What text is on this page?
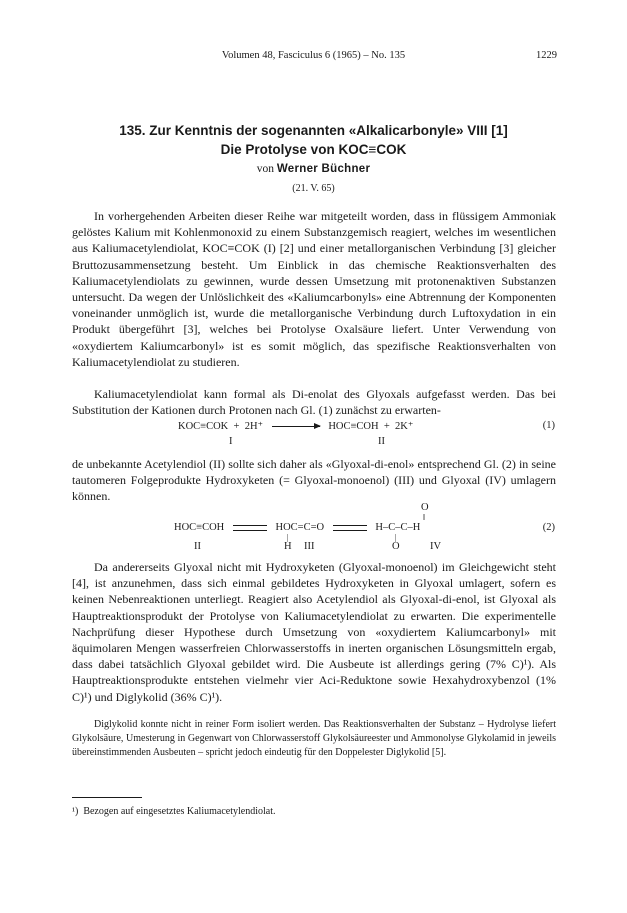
Volumen 48, Fasciculus 6 (1965) – No. 135	1229
135. Zur Kenntnis der sogenannten «Alkalicarbonyle» VIII [1]
Die Protolyse von KOC≡COK
von Werner Büchner
(21. V. 65)

In vorhergehenden Arbeiten dieser Reihe war mitgeteilt worden, dass in flüssigem Ammoniak gelöstes Kalium mit Kohlenmonoxid zu einem Substanzgemisch reagiert, welches im wesentlichen aus Kaliumacetylendiolat, KOC≡COK (I) [2] und einer metallorganischen Verbindung [3] gleicher Bruttozusammensetzung besteht. Um Einblick in das chemische Reaktionsverhalten des Kaliumacetylendiolats zu gewinnen, wurde dessen Umsetzung mit protonenaktiven Substanzen untersucht. Da wegen der Unlöslichkeit des «Kaliumcarbonyls» eine Abtrennung der Komponenten voneinander unmöglich ist, wurde die metallorganische Verbindung durch Luftoxydation in ein Produkt übergeführt [3], welches bei Protolyse Oxalsäure liefert. Unter Verwendung von «oxydiertem Kaliumcarbonyl» ist es somit möglich, das spezifische Reaktionsverhalten von Kaliumacetylendiolat zu studieren.

Kaliumacetylendiolat kann formal als Di-enolat des Glyoxals aufgefasst werden. Das bei Substitution der Kationen durch Protonen nach Gl. (1) zunächst zu erwarten-

KOC≡COK + 2H⁺	HOC≡COH + 2K⁺
I	II
(1)

de unbekannte Acetylendiol (II) sollte sich daher als «Glyoxal-di-enol» entsprechend Gl. (2) in seine tautomeren Folgeprodukte Hydroxyketen (= Glyoxal-monoenol) (III) und Glyoxal (IV) umlagern können.

O
‖
HOC≡COH	HOC=C=O	H–C–C–H
|	|
II	H III	O	IV
(2)

Da andererseits Glyoxal nicht mit Hydroxyketen (Glyoxal-monoenol) im Gleichgewicht steht [4], ist anzunehmen, dass sich einmal gebildetes Hydroxyketen in Glyoxal umlagert, sofern es keinen Nebenreaktionen unterliegt. Reagiert also Acetylendiol als Glyoxal-di-enol, ist Glyoxal als Hauptreaktionsprodukt der Protolyse von Kaliumacetylendiolat zu erwarten. Die experimentelle Nachprüfung dieser Hypothese durch Umsetzung von «oxydiertem Kaliumcarbonyl» mit äquimolaren Mengen wasserfreien Chlorwasserstoffs in inerten organischen Lösungsmitteln ergab, dass dabei tatsächlich Glyoxal gebildet wird. Die Ausbeute ist allerdings gering (7% C)¹). Als Hauptreaktionsprodukte entstehen vielmehr vier Aci-Reduktone sowie Hexahydroxybenzol (1% C)¹) und Diglykolid (36% C)¹).

Diglykolid konnte nicht in reiner Form isoliert werden. Das Reaktionsverhalten der Substanz – Hydrolyse liefert Glykolsäure, Umesterung in Gegenwart von Chlorwasserstoff Glykolsäureester und Ammonolyse Glykolamid in jeweils übereinstimmenden Ausbeuten – spricht jedoch eindeutig für den Doppelester Diglykolid [5].

¹) Bezogen auf eingesetztes Kaliumacetylendiolat.
